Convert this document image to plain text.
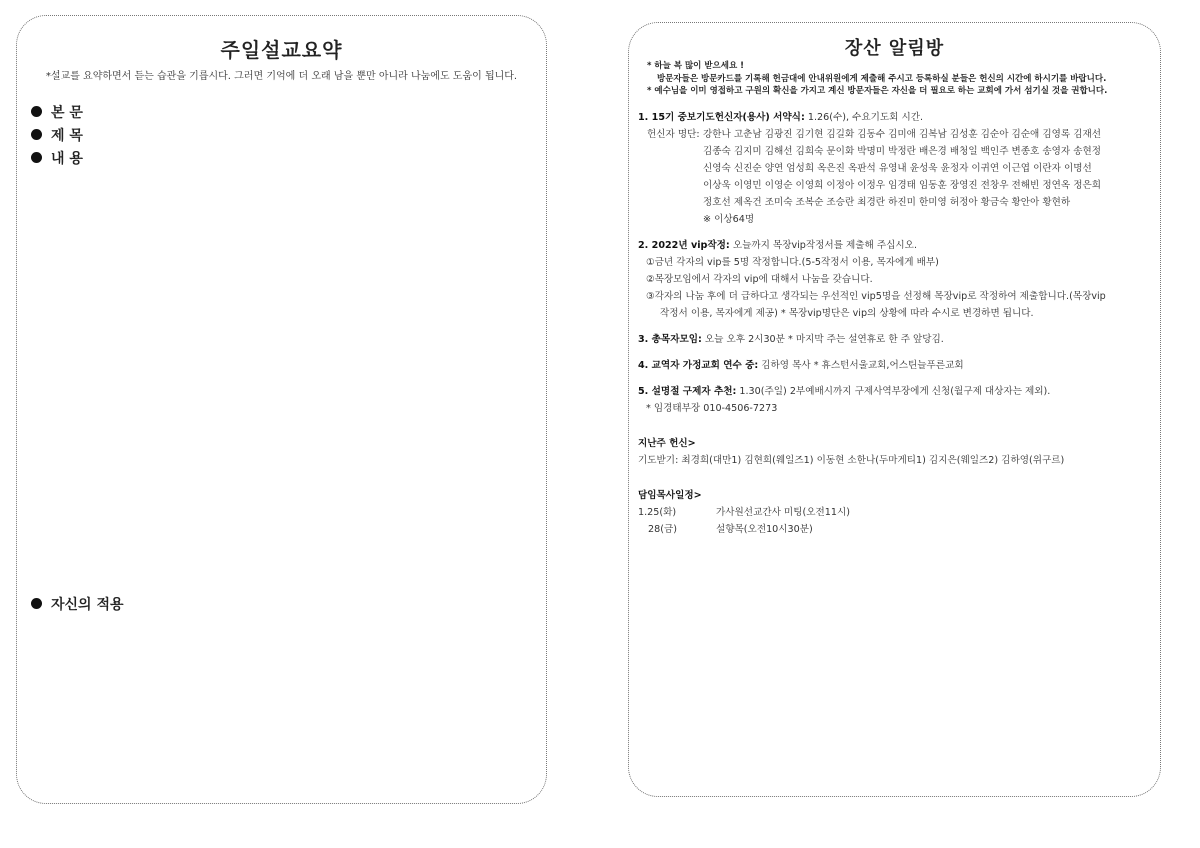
주일설교요약
*설교를 요약하면서 듣는 습관을 기릅시다. 그러면 기억에 더 오래 남을 뿐만 아니라 나눔에도 도움이 됩니다.
본 문
제 목
내 용
자신의 적용
장산 알림방
* 하늘 복 많이 받으세요 !
방문자들은 방문카드를 기록해 헌금대에 안내위원에게 제출해 주시고 등록하실 분들은 헌신의 시간에 하시기를 바랍니다.
* 예수님을 이미 영접하고 구원의 확신을 가지고 계신 방문자들은 자신을 더 필요로 하는 교회에 가서 섬기실 것을 권합니다.
1. 15기 중보기도헌신자(용사) 서약식: 1.26(수), 수요기도회 시간.
헌신자 명단: 강한나 고춘남 김광진 김기현 김길화 김동수 김미애 김복남 김성훈 김순아 김순애 김영록 김재선
김종숙 김지미 김해선 김희숙 문이화 박명미 박정란 배은경 배청일 백인주 변종호 송영자 송현정
신영숙 신진순 양연 엄성희 옥은진 옥판석 유영내 윤성욱 윤정자 이귀연 이근엽 이란자 이명선
이상욱 이영민 이영순 이영희 이정아 이정우 임경태 임동훈 장영진 전창우 전해빈 정연옥 정은희
정호선 제옥건 조미숙 조복순 조승란 최경란 하진미 한미영 허정아 황금숙 황안아 황현하
※ 이상64명
2. 2022년 vip작정: 오늘까지 목장vip작정서를 제출해 주십시오.
①금년 각자의 vip를 5명 작정합니다.(5-5작정서 이용, 목자에게 배부)
②목장모임에서 각자의 vip에 대해서 나눔을 갖습니다.
③각자의 나눔 후에 더 급하다고 생각되는 우선적인 vip5명을 선정해 목장vip로 작정하여 제출합니다.(목장vip
작정서 이용, 목자에게 제공) * 목장vip명단은 vip의 상황에 따라 수시로 변경하면 됩니다.
3. 총목자모임: 오늘 오후 2시30분 * 마지막 주는 설연휴로 한 주 앞당김.
4. 교역자 가정교회 연수 중: 김하영 목사 * 휴스턴서울교회,어스틴늘푸른교회
5. 설명절 구제자 추천: 1.30(주일) 2부예배시까지 구제사역부장에게 신청(월구제 대상자는 제외).
* 임경태부장 010-4506-7273
지난주 헌신>
기도받기: 최경희(대만1) 김현희(웨일즈1) 이동현 소한나(두마게티1) 김지은(웨일즈2) 김하영(위구르)
담임목사일정>
1.25(화)	가사원선교간사 미팅(오전11시)
28(금)	설향목(오전10시30분)
